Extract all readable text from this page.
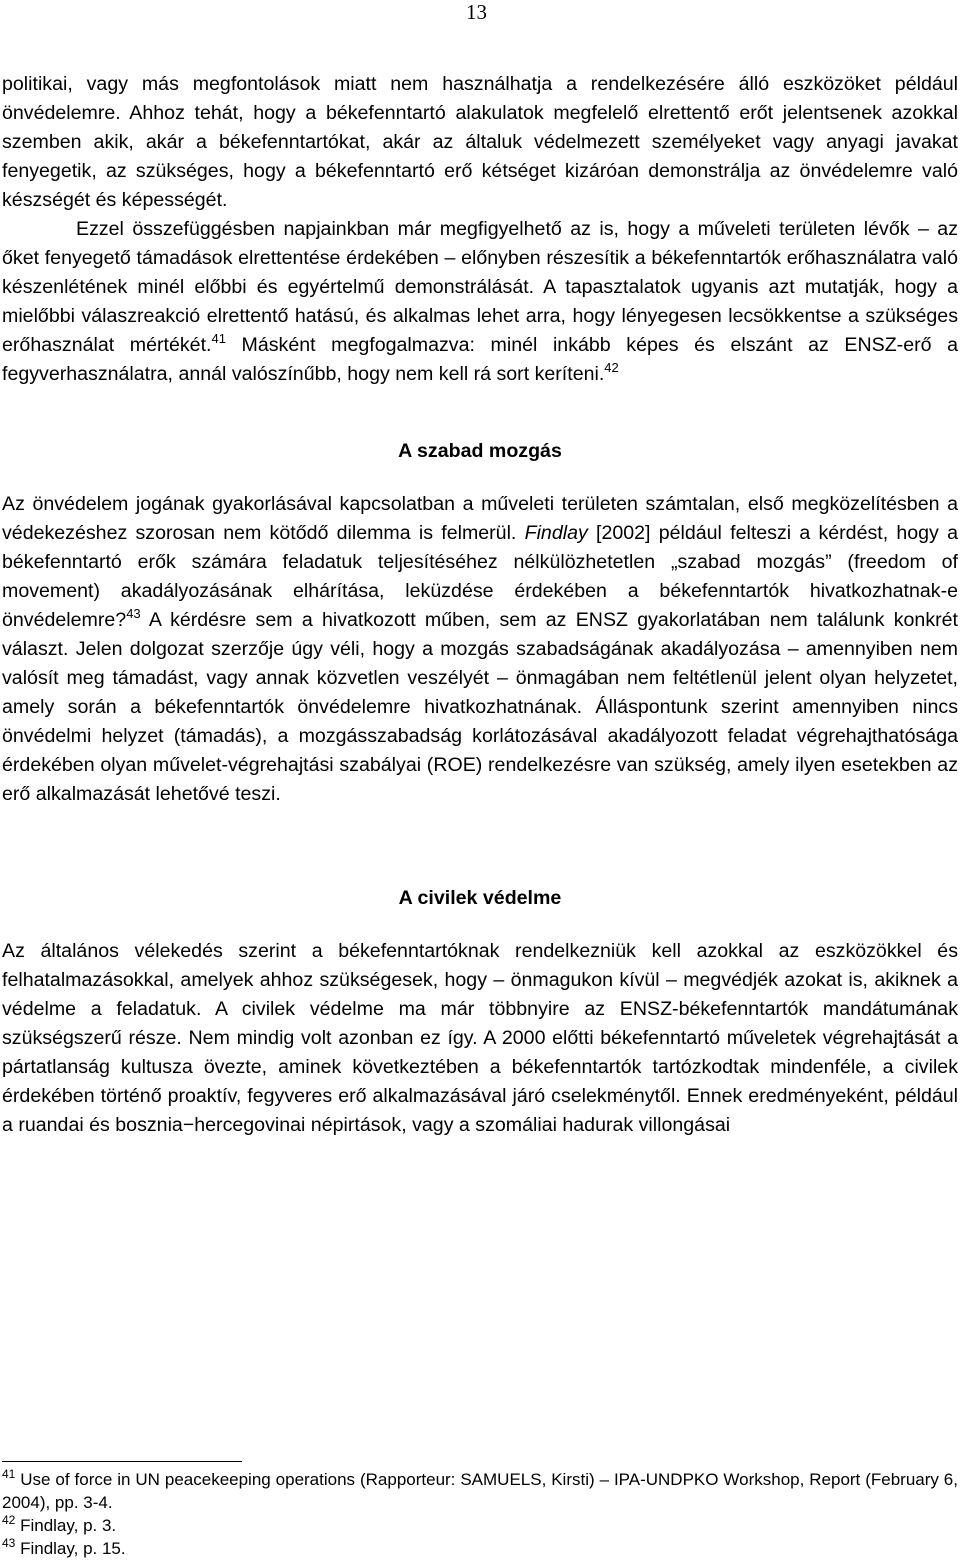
13

politikai, vagy más megfontolások miatt nem használhatja a rendelkezésére álló eszközöket például önvédelemre. Ahhoz tehát, hogy a békefenntartó alakulatok megfelelő elrettentő erőt jelentsenek azokkal szemben akik, akár a békefenntartókat, akár az általuk védelmezett személyeket vagy anyagi javakat fenyegetik, az szükséges, hogy a békefenntartó erő kétséget kizáróan demonstrálja az önvédelemre való készségét és képességét.

Ezzel összefüggésben napjainkban már megfigyelhető az is, hogy a műveleti területen lévők – az őket fenyegető támadások elrettentése érdekében – előnyben részesítik a békefenntartók erőhasználatra való készenlétének minél előbbi és egyértelmű demonstrálását. A tapasztalatok ugyanis azt mutatják, hogy a mielőbbi válaszreakció elrettentő hatású, és alkalmas lehet arra, hogy lényegesen lecsökkentse a szükséges erőhasználat mértékét.$^{41}$ Másként megfogalmazva: minél inkább képes és elszánt az ENSZ-erő a fegyverhasználatra, annál valószínűbb, hogy nem kell rá sort keríteni.$^{42}$

A szabad mozgás

Az önvédelem jogának gyakorlásával kapcsolatban a műveleti területen számtalan, első megközelítésben a védekezéshez szorosan nem kötődő dilemma is felmerül. Findlay [2002] például felteszi a kérdést, hogy a békefenntartó erők számára feladatuk teljesítéséhez nélkülözhetetlen „szabad mozgás” (freedom of movement) akadályozásának elhárítása, leküzdése érdekében a békefenntartók hivatkozhatnak-e önvédelemre?$^{43}$ A kérdésre sem a hivatkozott műben, sem az ENSZ gyakorlatában nem találunk konkrét választ. Jelen dolgozat szerzője úgy véli, hogy a mozgás szabadságának akadályozása – amennyiben nem valósít meg támadást, vagy annak közvetlen veszélyét – önmagában nem feltétlenül jelent olyan helyzetet, amely során a békefenntartók önvédelemre hivatkozhatnának. Álláspontunk szerint amennyiben nincs önvédelmi helyzet (támadás), a mozgásszabadság korlátozásával akadályozott feladat végrehajthatósága érdekében olyan művelet-végrehajtási szabályai (ROE) rendelkezésre van szükség, amely ilyen esetekben az erő alkalmazását lehetővé teszi.

A civilek védelme

Az általános vélekedés szerint a békefenntartóknak rendelkezniük kell azokkal az eszközökkel és felhatalmazásokkal, amelyek ahhoz szükségesek, hogy – önmagukon kívül – megvédjék azokat is, akiknek a védelme a feladatuk. A civilek védelme ma már többnyire az ENSZ-békefenntartók mandátumának szükségszerű része. Nem mindig volt azonban ez így. A 2000 előtti békefenntartó műveletek végrehajtását a pártatlanság kultusza övezte, aminek következtében a békefenntartók tartózkodtak mindenféle, a civilek érdekében történő proaktív, fegyveres erő alkalmazásával járó cselekménytől. Ennek eredményeként, például a ruandai és bosznia−hercegovinai népirtások, vagy a szomáliai hadurak villongásai

$^{41}$ Use of force in UN peacekeeping operations (Rapporteur: SAMUELS, Kirsti) – IPA-UNDPKO Workshop, Report (February 6, 2004), pp. 3-4.

$^{42}$ Findlay, p. 3.

$^{43}$ Findlay, p. 15.
